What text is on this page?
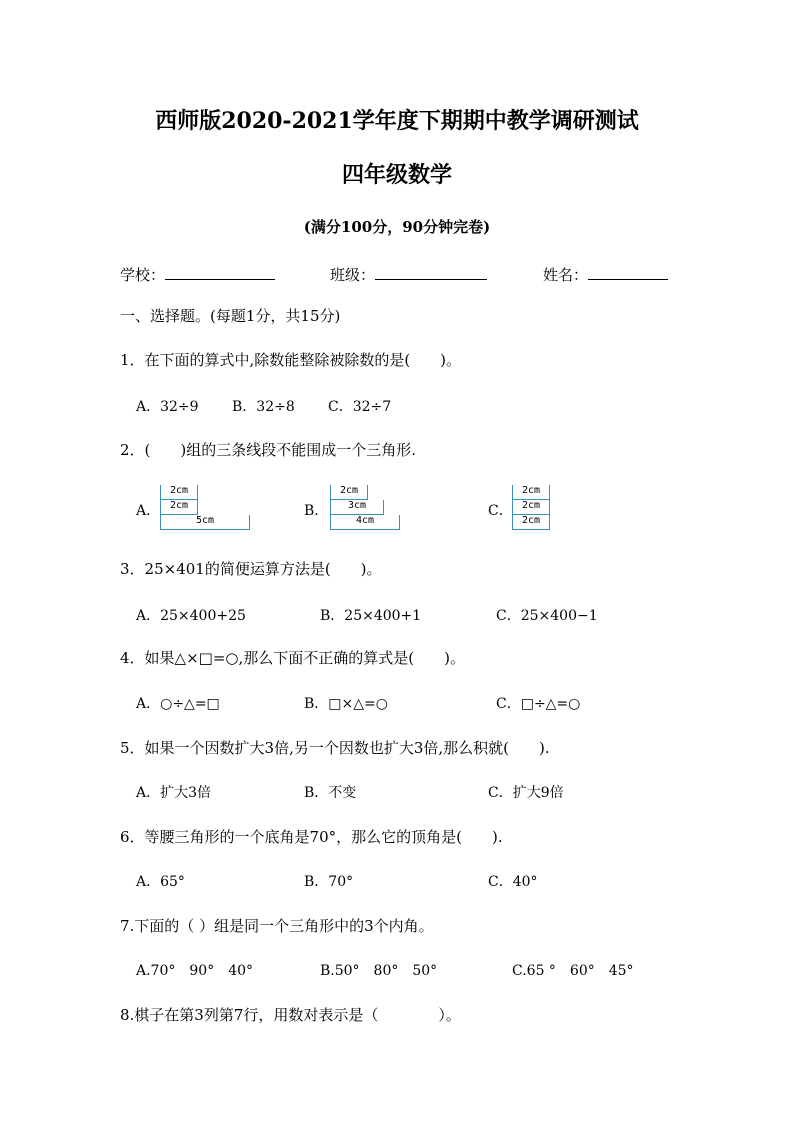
西师版2020-2021学年度下期期中教学调研测试
四年级数学
(满分100分，90分钟完卷)
学校：	班级：	姓名：
一、选择题。(每题1分，共15分)
1．在下面的算式中,除数能整除被除数的是(　　)。
A．32÷9 B．32÷8 C．32÷7
2．(　　)组的三条线段不能围成一个三角形.
A．	B．	C．
2cm
2cm
5cm
2cm
3cm
4cm
2cm
2cm
2cm
3．25×401的简便运算方法是(　　)。
A．25×400+25	B．25×400+1	C．25×400−1
4．如果△×□=○,那么下面不正确的算式是(　　)。
A．○÷△=□	B．□×△=○	C．□÷△=○
5．如果一个因数扩大3倍,另一个因数也扩大3倍,那么积就(　　).
A．扩大3倍	B．不变	C．扩大9倍
6．等腰三角形的一个底角是70°，那么它的顶角是(　　).
A．65°	B．70°	C．40°
7.下面的（ ）组是同一个三角形中的3个内角。
A.70°　90°　40°	B.50°　80°　50°	C.65 °　60°　45°
8.棋子在第3列第7行，用数对表示是（　　　　）。
